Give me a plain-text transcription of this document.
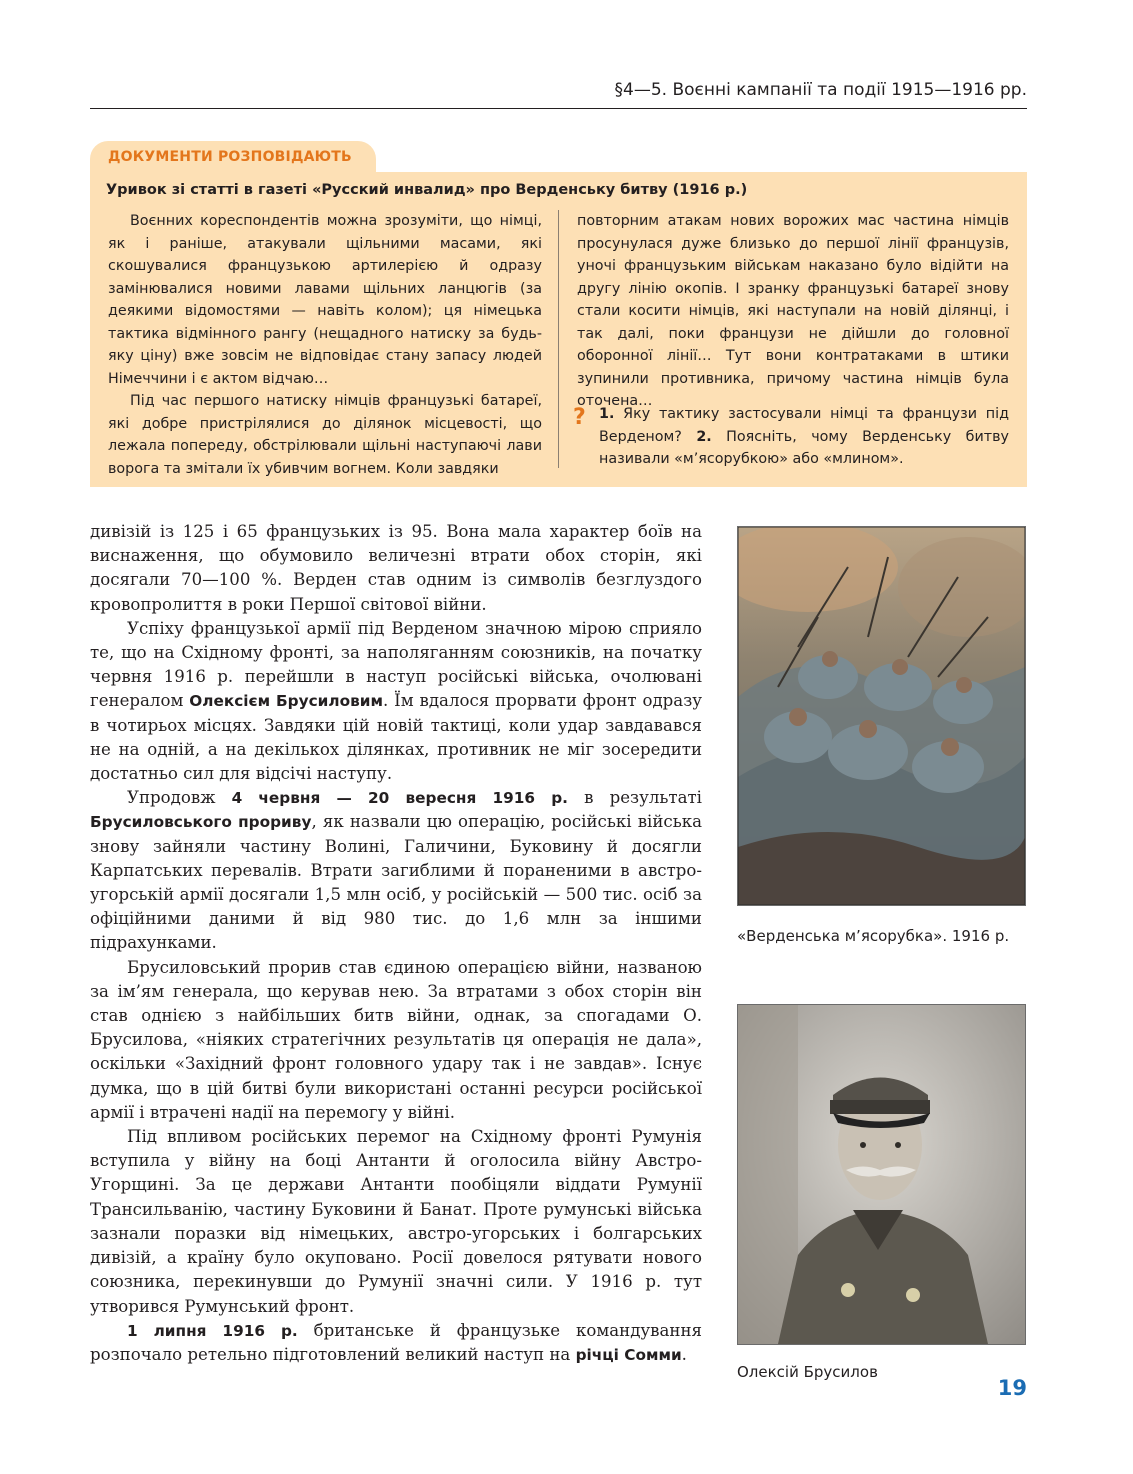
§4—5. Воєнні кампанії та події 1915—1916 рр.
ДОКУМЕНТИ РОЗПОВІДАЮТЬ
Уривок зі статті в газеті «Русский инвалид» про Верденську битву (1916 р.)

Воєнних кореспондентів можна зрозуміти, що німці, як і раніше, атакували щільними масами, які скошувалися французькою артилерією й одразу замінювалися новими лавами щільних ланцюгів (за деякими відомостями — навіть колом); ця німецька тактика відмінного рангу (нещадного натиску за будь-яку ціну) вже зовсім не відповідає стану запасу людей Німеччини і є актом відчаю…

Під час першого натиску німців французькі батареї, які добре пристрілялися до ділянок місцевості, що лежала попереду, обстрілювали щільні наступаючі лави ворога та змітали їх убивчим вогнем. Коли завдяки

повторним атакам нових ворожих мас частина німців просунулася дуже близько до першої лінії французів, уночі французьким військам наказано було відійти на другу лінію окопів. І зранку французькі батареї знову стали косити німців, які наступали на новій ділянці, і так далі, поки французи не дійшли до головної оборонної лінії… Тут вони контратаками в штики зупинили противника, причому частина німців була оточена…

? 1. Яку тактику застосували німці та французи під Верденом? 2. Поясніть, чому Верденську битву називали «м’ясорубкою» або «млином».

дивізій із 125 і 65 французьких із 95. Вона мала характер боїв на виснаження, що обумовило величезні втрати обох сторін, які досягали 70—100 %. Верден став одним із символів безглуздого кровопролиття в роки Першої світової війни.

Успіху французької армії під Верденом значною мірою сприяло те, що на Східному фронті, за наполяганням союзників, на початку червня 1916 р. перейшли в наступ російські війська, очолювані генералом Олексієм Брусиловим. Їм вдалося прорвати фронт одразу в чотирьох місцях. Завдяки цій новій тактиці, коли удар завдавався не на одній, а на декількох ділянках, противник не міг зосередити достатньо сил для відсічі наступу.

Упродовж 4 червня — 20 вересня 1916 р. в результаті Брусиловського прориву, як назвали цю операцію, російські війська знову зайняли частину Волині, Галичини, Буковину й досягли Карпатських перевалів. Втрати загиблими й пораненими в австро-угорській армії досягали 1,5 млн осіб, у російській — 500 тис. осіб за офіційними даними й від 980 тис. до 1,6 млн за іншими підрахунками.

Брусиловський прорив став єдиною операцією війни, названою за ім’ям генерала, що керував нею. За втратами з обох сторін він став однією з найбільших битв війни, однак, за спогадами О. Брусилова, «ніяких стратегічних результатів ця операція не дала», оскільки «Західний фронт головного удару так і не завдав». Існує думка, що в цій битві були використані останні ресурси російської армії і втрачені надії на перемогу у війні.

Під впливом російських перемог на Східному фронті Румунія вступила у війну на боці Антанти й оголосила війну Австро-Угорщині. За це держави Антанти пообіцяли віддати Румунії Трансильванію, частину Буковини й Банат. Проте румунські війська зазнали поразки від німецьких, австро-угорських і болгарських дивізій, а країну було окуповано. Росії довелося рятувати нового союзника, перекинувши до Румунії значні сили. У 1916 р. тут утворився Румунський фронт.

1 липня 1916 р. британське й французьке командування розпочало ретельно підготовлений великий наступ на річці Сомми.

«Верденська м’ясорубка». 1916 р.
Олексій Брусилов
19
